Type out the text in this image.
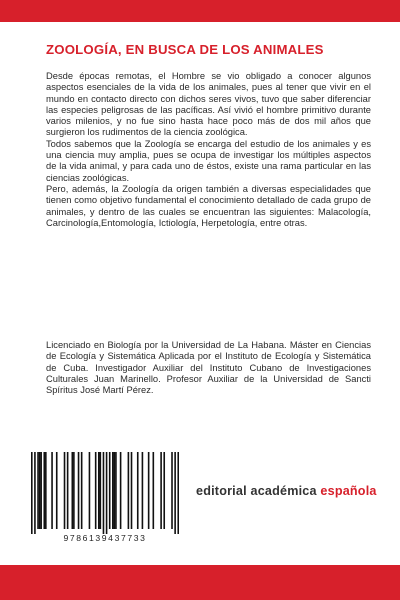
ZOOLOGÍA, EN BUSCA DE LOS ANIMALES

Desde épocas remotas, el Hombre se vio obligado a conocer algunos aspectos esenciales de la vida de los animales, pues al tener que vivir en el mundo en contacto directo con dichos seres vivos, tuvo que saber diferenciar las especies peligrosas de las pacíficas. Así vivió el hombre primitivo durante varios milenios, y no fue sino hasta hace poco más de dos mil años que surgieron los rudimentos de la ciencia zoológica.

Todos sabemos que la Zoología se encarga del estudio de los animales y es una ciencia muy amplia, pues se ocupa de investigar los múltiples aspectos de la vida animal, y para cada uno de éstos, existe una rama particular en las ciencias zoológicas.

Pero, además, la Zoología da origen también a diversas especialidades que tienen como objetivo fundamental el conocimiento detallado de cada grupo de animales, y dentro de las cuales se encuentran las siguientes: Malacología, Carcinología,Entomología, Ictiología, Herpetología, entre otras.

Licenciado en Biología por la Universidad de La Habana. Máster en Ciencias de Ecología y Sistemática Aplicada por el Instituto de Ecología y Sistemática de Cuba. Investigador Auxiliar del Instituto Cubano de Investigaciones Culturales Juan Marinello. Profesor Auxiliar de la Universidad de Sancti Spíritus José Martí Pérez.

9786139437733
editorial académica española
